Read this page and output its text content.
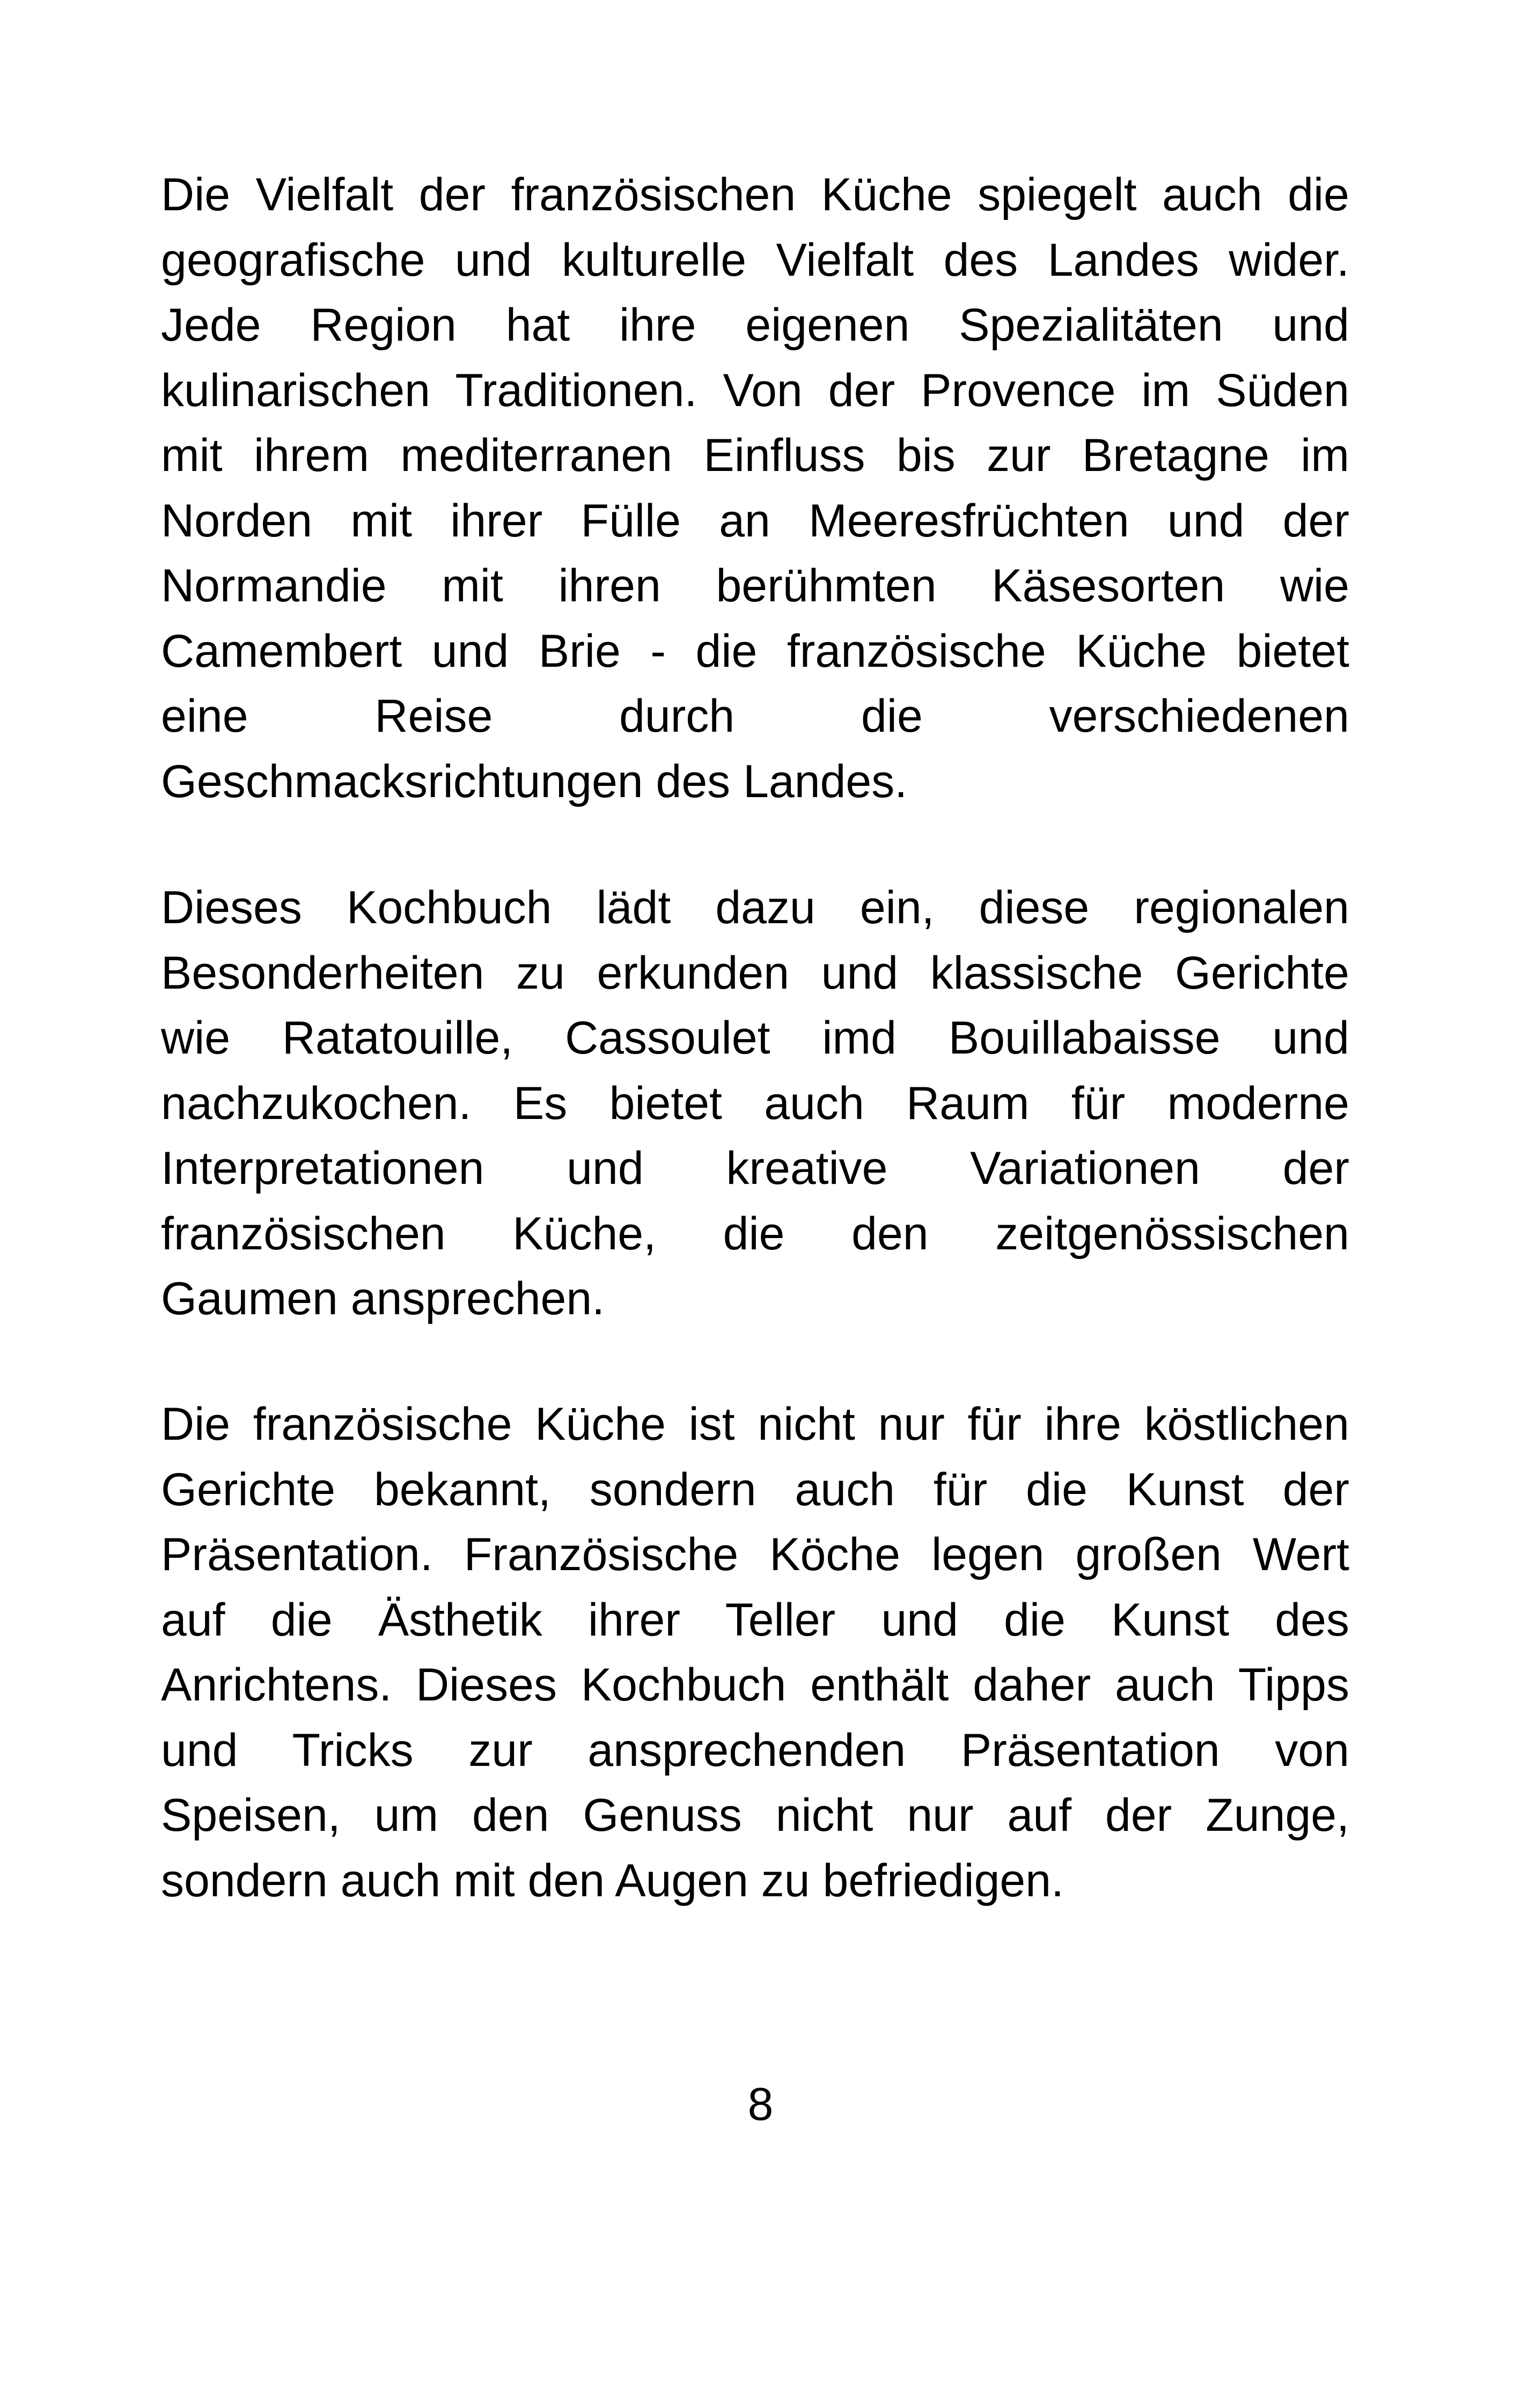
Die Vielfalt der französischen Küche spiegelt auch die
geografische und kulturelle Vielfalt des Landes wider.
Jede Region hat ihre eigenen Spezialitäten und
kulinarischen Traditionen. Von der Provence im Süden
mit ihrem mediterranen Einfluss bis zur Bretagne im
Norden mit ihrer Fülle an Meeresfrüchten und der
Normandie mit ihren berühmten Käsesorten wie
Camembert und Brie - die französische Küche bietet
eine Reise durch die verschiedenen
Geschmacksrichtungen des Landes.
Dieses Kochbuch lädt dazu ein, diese regionalen
Besonderheiten zu erkunden und klassische Gerichte
wie Ratatouille, Cassoulet imd Bouillabaisse und
nachzukochen. Es bietet auch Raum für moderne
Interpretationen und kreative Variationen der
französischen Küche, die den zeitgenössischen
Gaumen ansprechen.
Die französische Küche ist nicht nur für ihre köstlichen
Gerichte bekannt, sondern auch für die Kunst der
Präsentation. Französische Köche legen großen Wert
auf die Ästhetik ihrer Teller und die Kunst des
Anrichtens. Dieses Kochbuch enthält daher auch Tipps
und Tricks zur ansprechenden Präsentation von
Speisen, um den Genuss nicht nur auf der Zunge,
sondern auch mit den Augen zu befriedigen.
8
